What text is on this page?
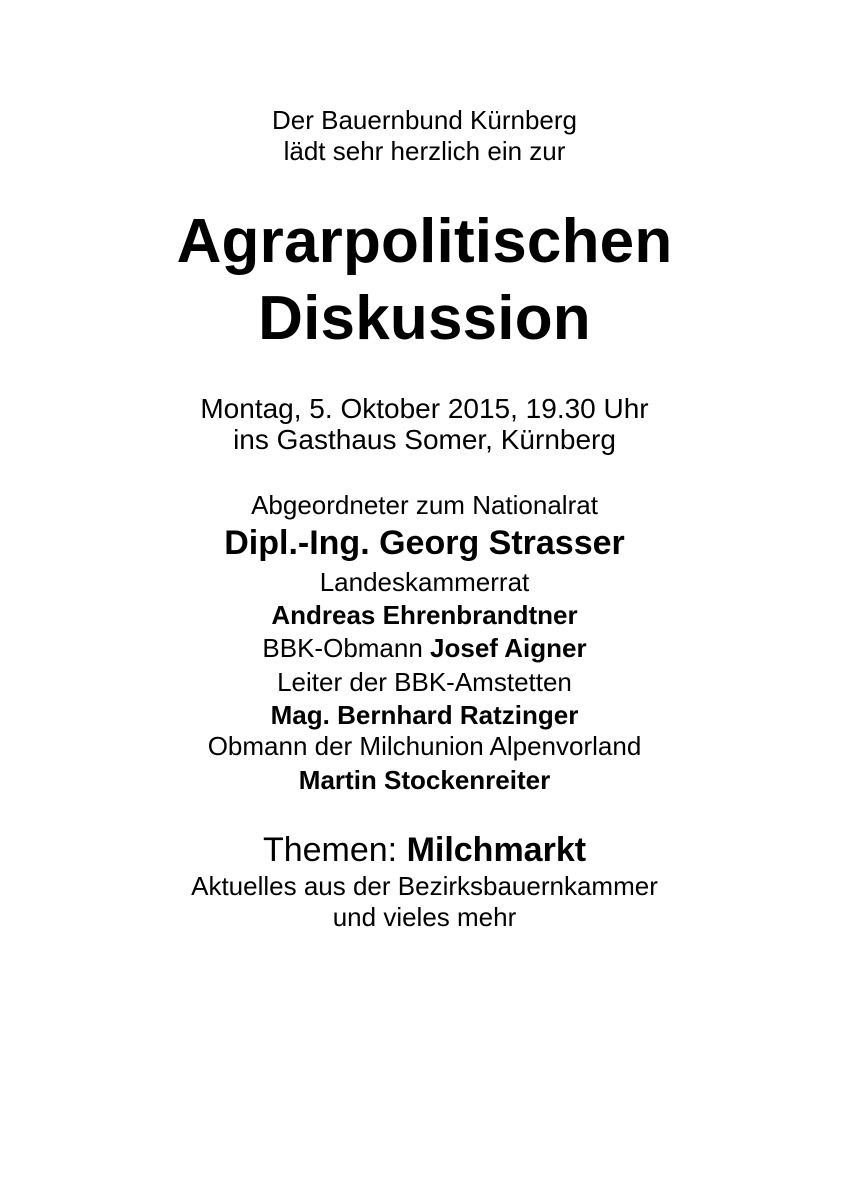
Der Bauernbund Kürnberg
lädt sehr herzlich ein zur
Agrarpolitischen
Diskussion
Montag, 5. Oktober 2015, 19.30 Uhr
ins Gasthaus Somer, Kürnberg
Abgeordneter zum Nationalrat
Dipl.-Ing. Georg Strasser
Landeskammerrat
Andreas Ehrenbrandtner
BBK-Obmann Josef Aigner
Leiter der BBK-Amstetten
Mag. Bernhard Ratzinger
Obmann der Milchunion Alpenvorland
Martin Stockenreiter
Themen: Milchmarkt
Aktuelles aus der Bezirksbauernkammer
und vieles mehr
